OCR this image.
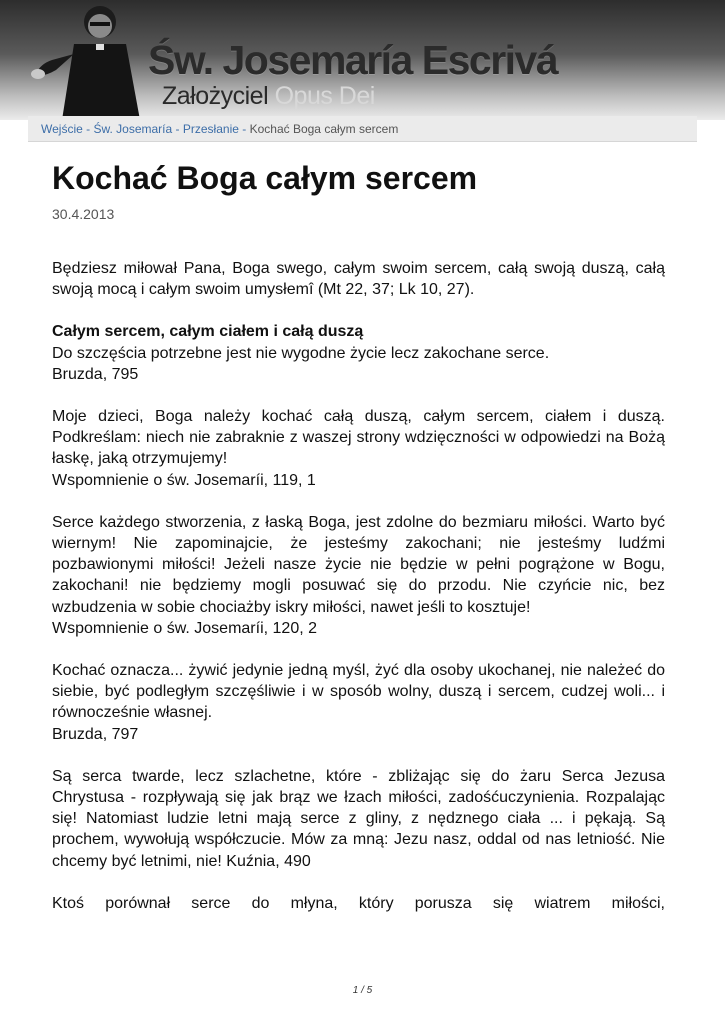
Św. Josemaría Escrivá
Założyciel Opus Dei
Wejście - Św. Josemaría - Przesłanie - Kochać Boga całym sercem
Kochać Boga całym sercem
30.4.2013

Będziesz miłował Pana, Boga swego, całym swoim sercem, całą swoją duszą, całą swoją mocą i całym swoim umysłemî (Mt 22, 37; Lk 10, 27).

Całym sercem, całym ciałem i całą duszą
Do szczęścia potrzebne jest nie wygodne życie lecz zakochane serce.
Bruzda, 795

Moje dzieci, Boga należy kochać całą duszą, całym sercem, ciałem i duszą. Podkreślam: niech nie zabraknie z waszej strony wdzięczności w odpowiedzi na Bożą łaskę, jaką otrzymujemy!
Wspomnienie o św. Josemaríi, 119, 1

Serce każdego stworzenia, z łaską Boga, jest zdolne do bezmiaru miłości. Warto być wiernym! Nie zapominajcie, że jesteśmy zakochani; nie jesteśmy ludźmi pozbawionymi miłości! Jeżeli nasze życie nie będzie w pełni pogrążone w Bogu, zakochani! nie będziemy mogli posuwać się do przodu. Nie czyńcie nic, bez wzbudzenia w sobie chociażby iskry miłości, nawet jeśli to kosztuje!
Wspomnienie o św. Josemaríi, 120, 2

Kochać oznacza... żywić jedynie jedną myśl, żyć dla osoby ukochanej, nie należeć do siebie, być podległym szczęśliwie i w sposób wolny, duszą i sercem, cudzej woli... i równocześnie własnej.
Bruzda, 797

Są serca twarde, lecz szlachetne, które - zbliżając się do żaru Serca Jezusa Chrystusa - rozpływają się jak brąz we łzach miłości, zadośćuczynienia. Rozpalając się! Natomiast ludzie letni mają serce z gliny, z nędznego ciała ... i pękają. Są prochem, wywołują współczucie. Mów za mną: Jezu nasz, oddal od nas letniość. Nie chcemy być letnimi, nie! Kuźnia, 490

Ktoś porównał serce do młyna, który porusza się wiatrem miłości,

1 / 5
